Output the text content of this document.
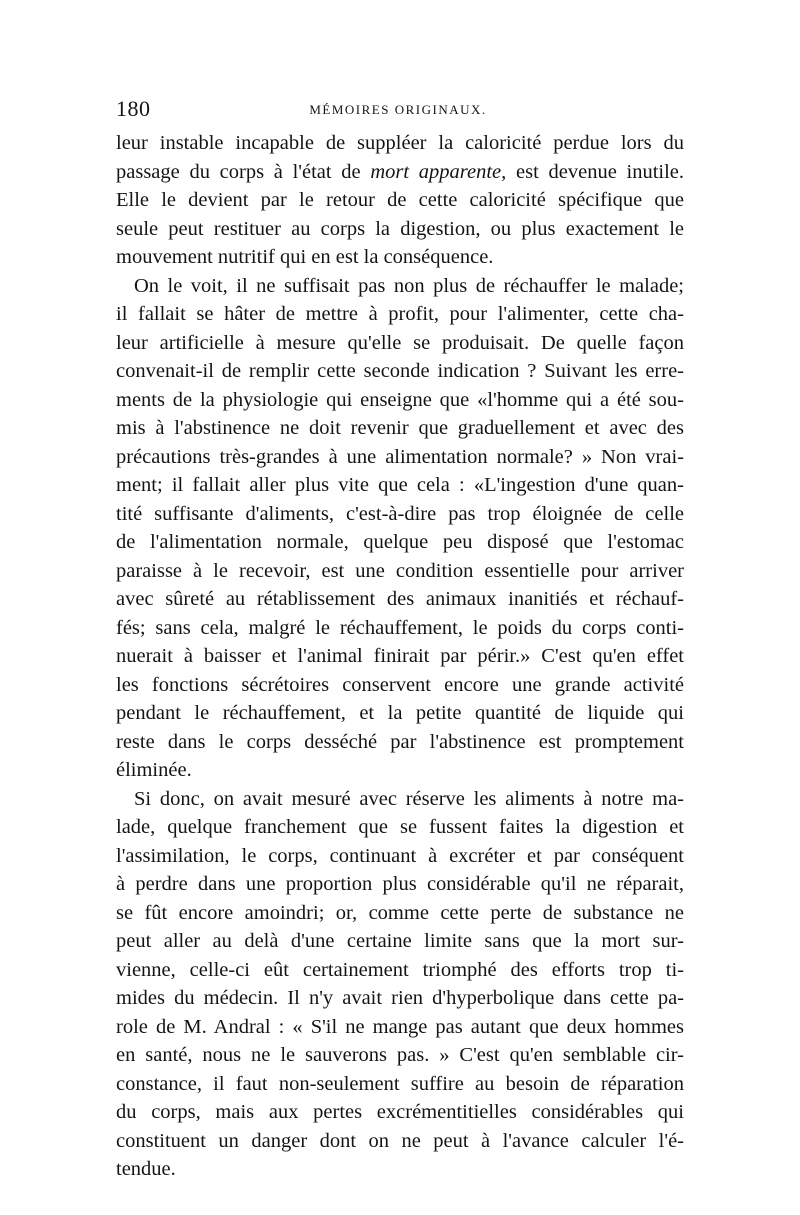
180	MÉMOIRES ORIGINAUX.
leur instable incapable de suppléer la caloricité perdue lors du
passage du corps à l'état de mort apparente, est devenue inutile.
Elle le devient par le retour de cette caloricité spécifique que
seule peut restituer au corps la digestion, ou plus exactement le
mouvement nutritif qui en est la conséquence.
On le voit, il ne suffisait pas non plus de réchauffer le malade;
il fallait se hâter de mettre à profit, pour l'alimenter, cette cha-
leur artificielle à mesure qu'elle se produisait. De quelle façon
convenait-il de remplir cette seconde indication ? Suivant les erre-
ments de la physiologie qui enseigne que «l'homme qui a été sou-
mis à l'abstinence ne doit revenir que graduellement et avec des
précautions très-grandes à une alimentation normale? » Non vrai-
ment; il fallait aller plus vite que cela : «L'ingestion d'une quan-
tité suffisante d'aliments, c'est-à-dire pas trop éloignée de celle
de l'alimentation normale, quelque peu disposé que l'estomac
paraisse à le recevoir, est une condition essentielle pour arriver
avec sûreté au rétablissement des animaux inanitiés et réchauf-
fés; sans cela, malgré le réchauffement, le poids du corps conti-
nuerait à baisser et l'animal finirait par périr.» C'est qu'en effet
les fonctions sécrétoires conservent encore une grande activité
pendant le réchauffement, et la petite quantité de liquide qui
reste dans le corps desséché par l'abstinence est promptement
éliminée.
Si donc, on avait mesuré avec réserve les aliments à notre ma-
lade, quelque franchement que se fussent faites la digestion et
l'assimilation, le corps, continuant à excréter et par conséquent
à perdre dans une proportion plus considérable qu'il ne réparait,
se fût encore amoindri; or, comme cette perte de substance ne
peut aller au delà d'une certaine limite sans que la mort sur-
vienne, celle-ci eût certainement triomphé des efforts trop ti-
mides du médecin. Il n'y avait rien d'hyperbolique dans cette pa-
role de M. Andral : « S'il ne mange pas autant que deux hommes
en santé, nous ne le sauverons pas. » C'est qu'en semblable cir-
constance, il faut non-seulement suffire au besoin de réparation
du corps, mais aux pertes excrémentitielles considérables qui
constituent un danger dont on ne peut à l'avance calculer l'é-
tendue.
